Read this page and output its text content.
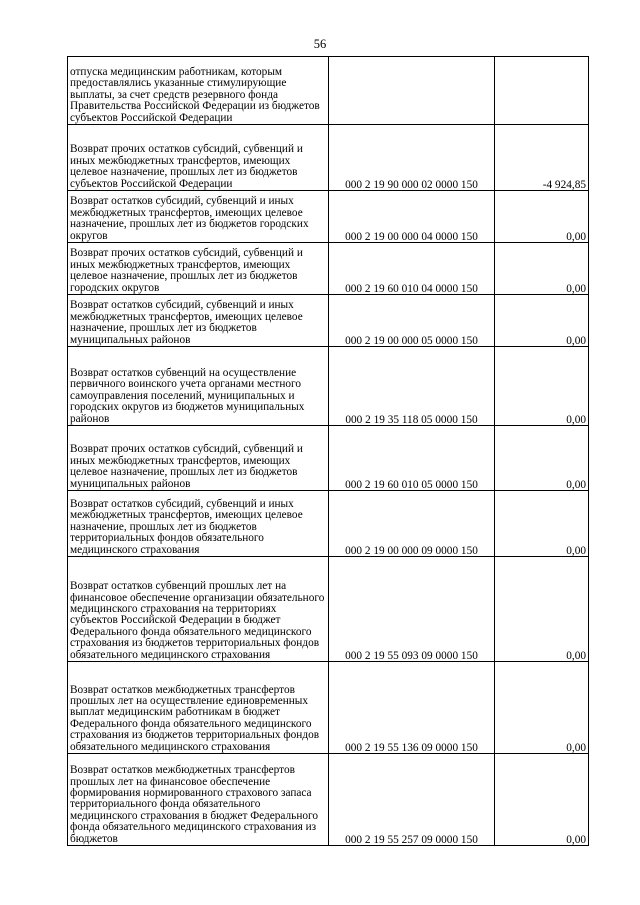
56
отпуска медицинским работникам, которым предоставлялись указанные стимулирующие выплаты, за счет средств резервного фонда Правительства Российской Федерации из бюджетов субъектов Российской Федерации	

Возврат прочих остатков субсидий, субвенций и иных межбюджетных трансфертов, имеющих целевое назначение, прошлых лет из бюджетов субъектов Российской Федерации	000 2 19 90 000 02 0000 150	-4 924,85

Возврат остатков субсидий, субвенций и иных межбюджетных трансфертов, имеющих целевое назначение, прошлых лет из бюджетов городских округов	000 2 19 00 000 04 0000 150	0,00

Возврат прочих остатков субсидий, субвенций и иных межбюджетных трансфертов, имеющих целевое назначение, прошлых лет из бюджетов городских округов	000 2 19 60 010 04 0000 150	0,00

Возврат остатков субсидий, субвенций и иных межбюджетных трансфертов, имеющих целевое назначение, прошлых лет из бюджетов муниципальных районов	000 2 19 00 000 05 0000 150	0,00

Возврат остатков субвенций на осуществление первичного воинского учета органами местного самоуправления поселений, муниципальных и городских округов из бюджетов муниципальных районов	000 2 19 35 118 05 0000 150	0,00

Возврат прочих остатков субсидий, субвенций и иных межбюджетных трансфертов, имеющих целевое назначение, прошлых лет из бюджетов муниципальных районов	000 2 19 60 010 05 0000 150	0,00

Возврат остатков субсидий, субвенций и иных межбюджетных трансфертов, имеющих целевое назначение, прошлых лет из бюджетов территориальных фондов обязательного медицинского страхования	000 2 19 00 000 09 0000 150	0,00

Возврат остатков субвенций прошлых лет на финансовое обеспечение организации обязательного медицинского страхования на территориях субъектов Российской Федерации в бюджет Федерального фонда обязательного медицинского страхования из бюджетов территориальных фондов обязательного медицинского страхования	000 2 19 55 093 09 0000 150	0,00

Возврат остатков межбюджетных трансфертов прошлых лет на осуществление единовременных выплат медицинским работникам в бюджет Федерального фонда обязательного медицинского страхования из бюджетов территориальных фондов обязательного медицинского страхования	000 2 19 55 136 09 0000 150	0,00

Возврат остатков межбюджетных трансфертов прошлых лет на финансовое обеспечение формирования нормированного страхового запаса территориального фонда обязательного медицинского страхования в бюджет Федерального фонда обязательного медицинского страхования из бюджетов	000 2 19 55 257 09 0000 150	0,00
